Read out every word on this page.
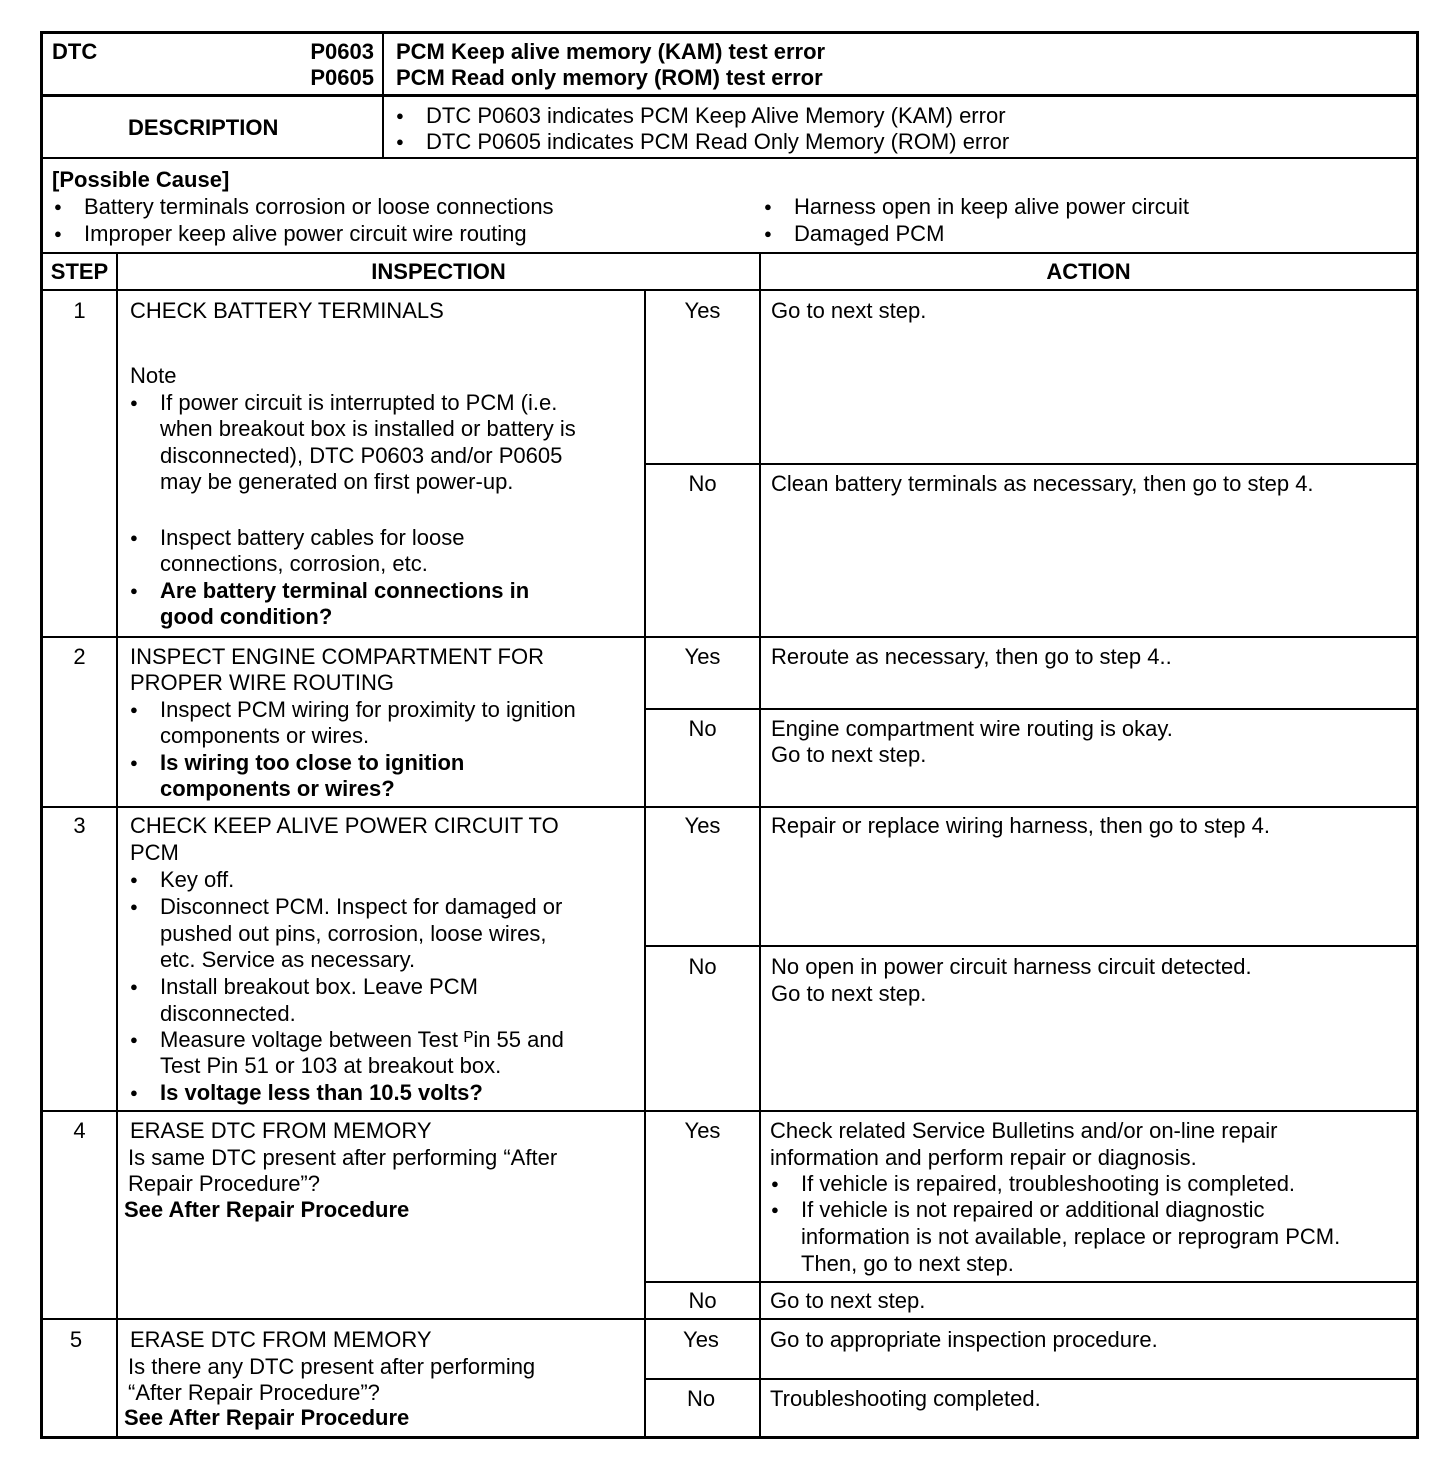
DTC	P0603
P0605
PCM Keep alive memory (KAM) test error
PCM Read only memory (ROM) test error
DESCRIPTION
●	DTC P0603 indicates PCM Keep Alive Memory (KAM) error
● DTC P0605 indicates PCM Read Only Memory (ROM) error
[Possible Cause]
● Battery terminals corrosion or loose connections
● Improper keep alive power circuit wire routing
● Harness open in keep alive power circuit
● Damaged PCM
STEP	INSPECTION	ACTION
1	CHECK BATTERY TERMINALS
Note
● If power circuit is interrupted to PCM (i.e.
when breakout box is installed or battery is
disconnected), DTC P0603 and/or P0605
may be generated on first power-up.
● Inspect battery cables for loose
connections, corrosion, etc.
● Are battery terminal connections in
good condition?
Yes	Go to next step.
No	Clean battery terminals as necessary, then go to step 4.
2	INSPECT ENGINE COMPARTMENT FOR
PROPER WIRE ROUTING
● Inspect PCM wiring for proximity to ignition
components or wires.
● Is wiring too close to ignition
components or wires?
Yes	Reroute as necessary, then go to step 4..
No	Engine compartment wire routing is okay.
Go to next step.
3	CHECK KEEP ALIVE POWER CIRCUIT TO
PCM
● Key off.
● Disconnect PCM. Inspect for damaged or
pushed out pins, corrosion, loose wires,
etc. Service as necessary.
● Install breakout box. Leave PCM
disconnected.
● Measure voltage between Test ᴾin 55 and
Test Pin 51 or 103 at breakout box.
● Is voltage less than 10.5 volts?
Yes	Repair or replace wiring harness, then go to step 4.
No	No open in power circuit harness circuit detected.
Go to next step.
4	ERASE DTC FROM MEMORY
Is same DTC present after performing “After
Repair Procedure”?
See After Repair Procedure
Yes	Check related Service Bulletins and/or on-line repair
information and perform repair or diagnosis.
● If vehicle is repaired, troubleshooting is completed.
● If vehicle is not repaired or additional diagnostic
information is not available, replace or reprogram PCM.
Then, go to next step.
No	Go to next step.
5	ERASE DTC FROM MEMORY
Is there any DTC present after performing
“After Repair Procedure”?
See After Repair Procedure
Yes	Go to appropriate inspection procedure.
No	Troubleshooting completed.
